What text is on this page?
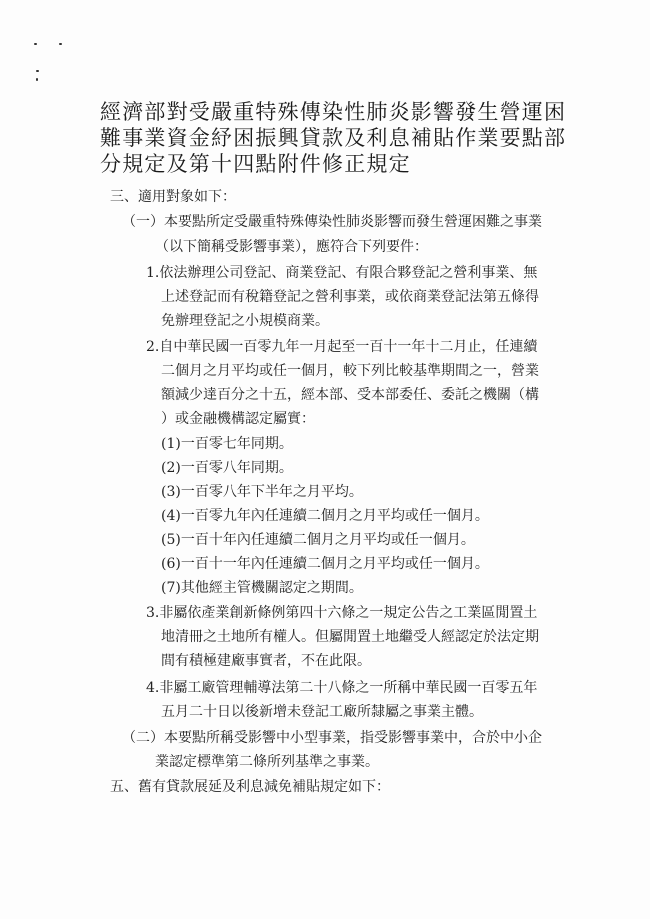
經濟部對受嚴重特殊傳染性肺炎影響發生營運困
難事業資金紓困振興貸款及利息補貼作業要點部
分規定及第十四點附件修正規定
三、適用對象如下：
（一）本要點所定受嚴重特殊傳染性肺炎影響而發生營運困難之事業
（以下簡稱受影響事業），應符合下列要件：
1.依法辦理公司登記、商業登記、有限合夥登記之營利事業、無
上述登記而有稅籍登記之營利事業，或依商業登記法第五條得
免辦理登記之小規模商業。
2.自中華民國一百零九年一月起至一百十一年十二月止，任連續
二個月之月平均或任一個月，較下列比較基準期間之一，營業
額減少達百分之十五，經本部、受本部委任、委託之機關（構
）或金融機構認定屬實：
(1)一百零七年同期。
(2)一百零八年同期。
(3)一百零八年下半年之月平均。
(4)一百零九年內任連續二個月之月平均或任一個月。
(5)一百十年內任連續二個月之月平均或任一個月。
(6)一百十一年內任連續二個月之月平均或任一個月。
(7)其他經主管機關認定之期間。
3.非屬依產業創新條例第四十六條之一規定公告之工業區閒置土
地清冊之土地所有權人。但屬閒置土地繼受人經認定於法定期
間有積極建廠事實者，不在此限。
4.非屬工廠管理輔導法第二十八條之一所稱中華民國一百零五年
五月二十日以後新增未登記工廠所隸屬之事業主體。
（二）本要點所稱受影響中小型事業，指受影響事業中，合於中小企
業認定標準第二條所列基準之事業。
五、舊有貸款展延及利息減免補貼規定如下：
